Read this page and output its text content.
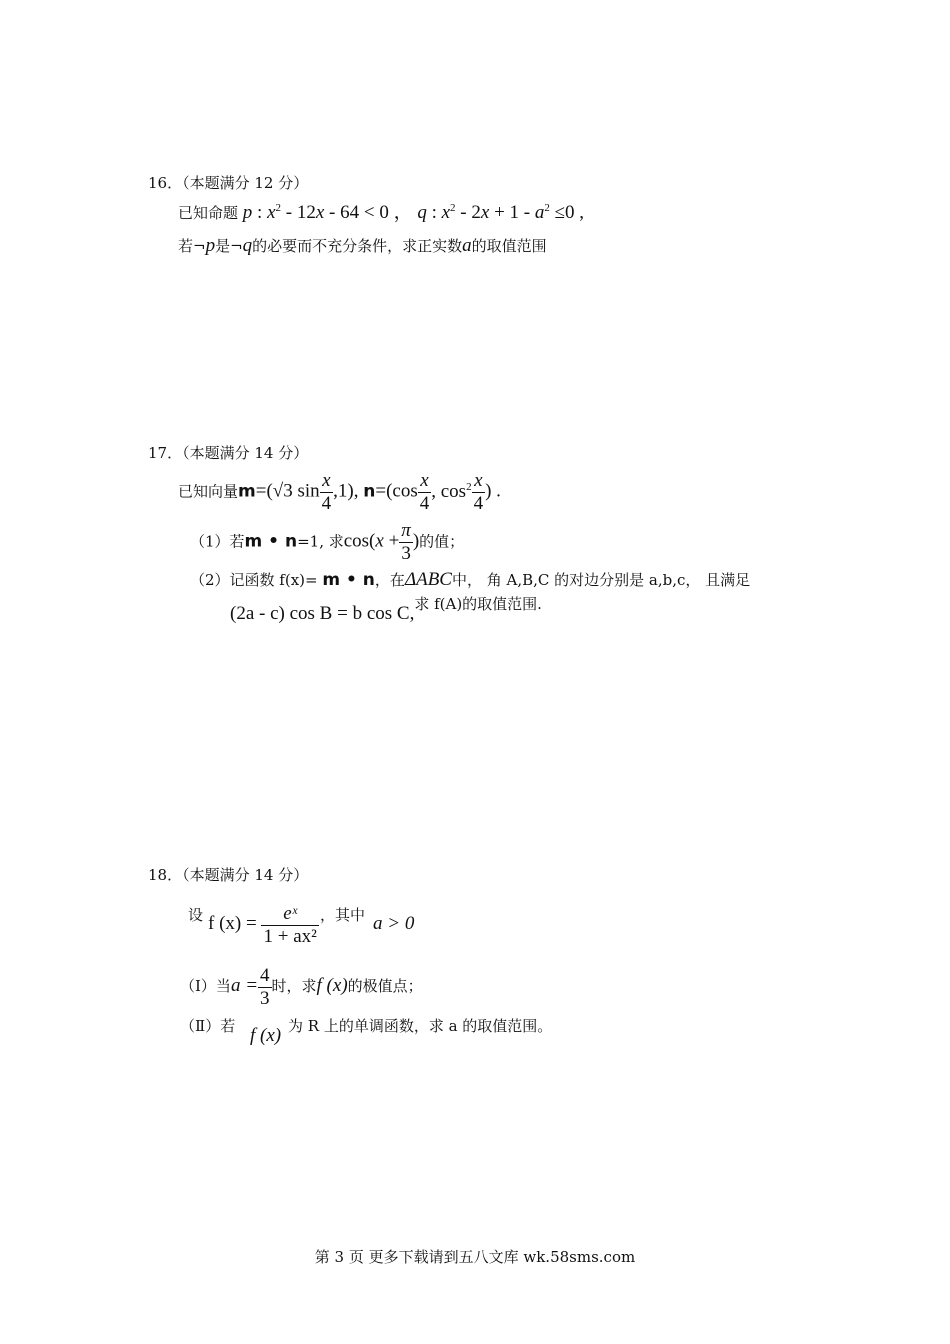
16．（本题满分 12 分）
已知命题 p : $x^2 - 12x - 64 < 0$ ， q : $x^2 - 2x + 1 - a^2 \le 0$ ,
若¬p是¬q的必要而不充分条件，求正实数a的取值范围
17．（本题满分 14 分）
已知向量m=(√3 $\sin \frac{x}{4} ,1$), $n=(\cos \frac{x}{4}$ , $\cos^2 \frac{x}{4}$ ) .
（1）若m • n=1, 求$\cos(x + \frac{\pi}{3}$ )的值；
（2）记函数 f(x)= m • n，在ΔABC中， 角 A,B,C 的对边分别是 a,b,c， 且满足
(2a - c) cos B = b cos C,求 f(A)的取值范围.
18．（本题满分 14 分）
设 f $(x) = \frac{\text{eˣ}}{\text{1 + ax²}}$ ，其中 a > 0
（Ⅰ）当$a = \frac{4}{3}$ 时，求f (x)的极值点；
（Ⅱ）若 f (x) 为 R 上的单调函数，求 a 的取值范围。
第 3 页 更多下载请到五八文库 wk.58sms.com
